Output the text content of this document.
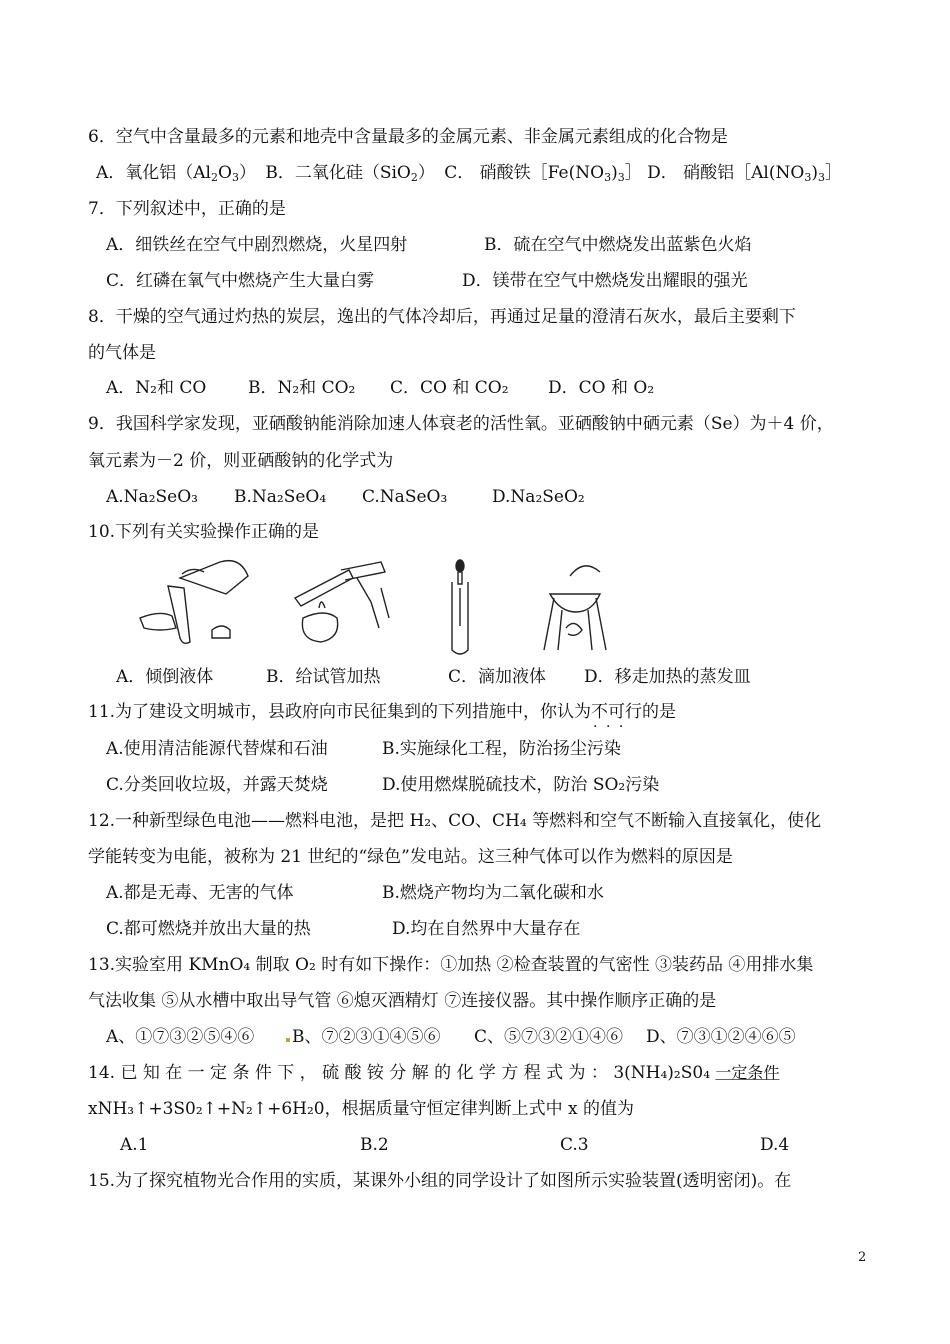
6．空气中含量最多的元素和地壳中含量最多的金属元素、非金属元素组成的化合物是
A．氧化铝$(Al_2O_3)$ B．二氧化硅（SiO$_2$） C． 硝酸铁$[Fe(NO_3)_3]$ D． 硝酸铝$[Al(NO_3)_3]$
7．下列叙述中，正确的是
A．细铁丝在空气中剧烈燃烧，火星四射	B．硫在空气中燃烧发出蓝紫色火焰
C．红磷在氧气中燃烧产生大量白雾	D．镁带在空气中燃烧发出耀眼的强光
8．干燥的空气通过灼热的炭层，逸出的气体冷却后，再通过足量的澄清石灰水，最后主要剩下
的气体是
A．N₂和 CO B．N₂和 CO₂ C．CO 和 CO₂ D．CO 和 O₂
9．我国科学家发现，亚硒酸钠能消除加速人体衰老的活性氧。亚硒酸钠中硒元素（Se）为＋4 价，
氧元素为－2 价，则亚硒酸钠的化学式为
A.Na₂SeO₃ B.Na₂SeO₄ C.NaSeO₃	D.Na₂SeO₂
10.下列有关实验操作正确的是
A．倾倒液体	B．给试管加热	C．滴加液体 D．移走加热的蒸发皿
11.为了建设文明城市，县政府向市民征集到的下列措施中，你认为不可行 · · ·的是
A.使用清洁能源代替煤和石油	B.实施绿化工程，防治扬尘污染
C.分类回收垃圾，并露天焚烧	D.使用燃煤脱硫技术，防治 SO₂污染
12.一种新型绿色电池——燃料电池，是把 H₂、CO、CH₄ 等燃料和空气不断输入直接氧化，使化
学能转变为电能，被称为 21 世纪的“绿色”发电站。这三种气体可以作为燃料的原因是
A.都是无毒、无害的气体	B.燃烧产物均为二氧化碳和水
C.都可燃烧并放出大量的热	D.均在自然界中大量存在
13.实验室用 KMnO₄ 制取 O₂ 时有如下操作：①加热 ②检查装置的气密性 ③装药品 ④用排水集
气法收集 ⑤从水槽中取出导气管 ⑥熄灭酒精灯 ⑦连接仪器。其中操作顺序正确的是
A、①⑦③②⑤④⑥	B、⑦②③①④⑤⑥ C、⑤⑦③②①④⑥ D、⑦③①②④⑥⑤
14. 已 知 在 一 定 条 件 下 ， 硫 酸 铵 分 解 的 化 学 方 程 式 为 ： 3(NH₄)₂S0₄ 一定条件
xNH₃↑+3S0₂↑+N₂↑+6H₂0，根据质量守恒定律判断上式中 x 的值为
A.1	B.2	C.3	D.4
15.为了探究植物光合作用的实质，某课外小组的同学设计了如图所示实验装置(透明密闭)。在
2
